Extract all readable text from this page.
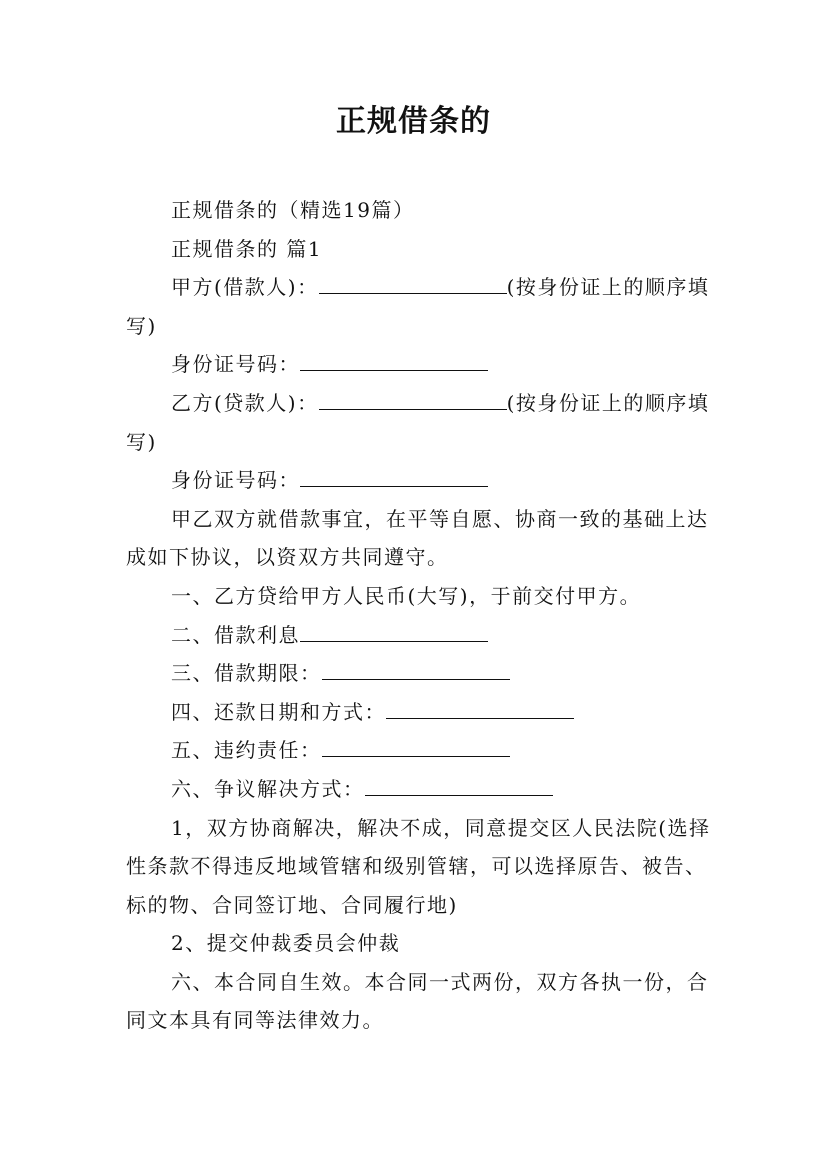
正规借条的

正规借条的（精选19篇）

正规借条的 篇1

甲方(借款人)：	(按身份证上的顺序填写)

身份证号码：

乙方(贷款人)：	(按身份证上的顺序填写)

身份证号码：

甲乙双方就借款事宜，在平等自愿、协商一致的基础上达成如下协议，以资双方共同遵守。

一、乙方贷给甲方人民币(大写)，于前交付甲方。

二、借款利息

三、借款期限：

四、还款日期和方式：

五、违约责任：

六、争议解决方式：

1，双方协商解决，解决不成，同意提交区人民法院(选择性条款不得违反地域管辖和级别管辖，可以选择原告、被告、标的物、合同签订地、合同履行地)

2、提交仲裁委员会仲裁

六、本合同自生效。本合同一式两份，双方各执一份，合同文本具有同等法律效力。
